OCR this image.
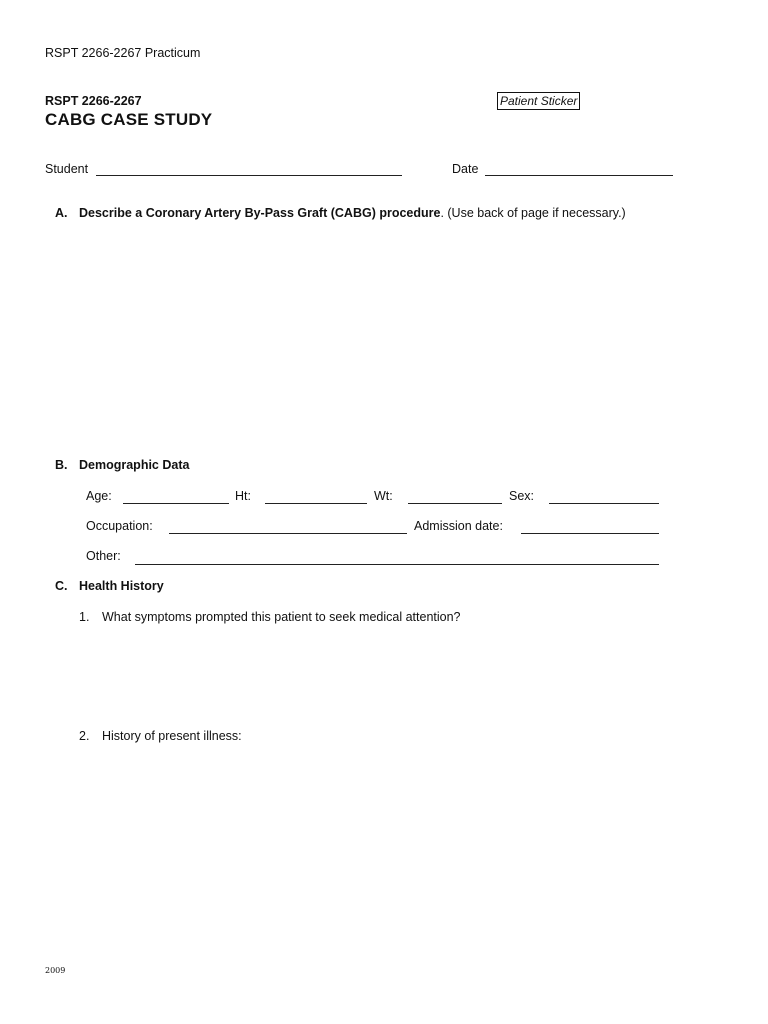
RSPT 2266-2267 Practicum
RSPT 2266-2267
CABG CASE STUDY
Patient Sticker
Student	Date
A. Describe a Coronary Artery By-Pass Graft (CABG) procedure. (Use back of page if necessary.)
B. Demographic Data
Age:	Ht:	Wt:	Sex:
Occupation:	Admission date:
Other:
C. Health History
1. What symptoms prompted this patient to seek medical attention?
2. History of present illness:
2009
